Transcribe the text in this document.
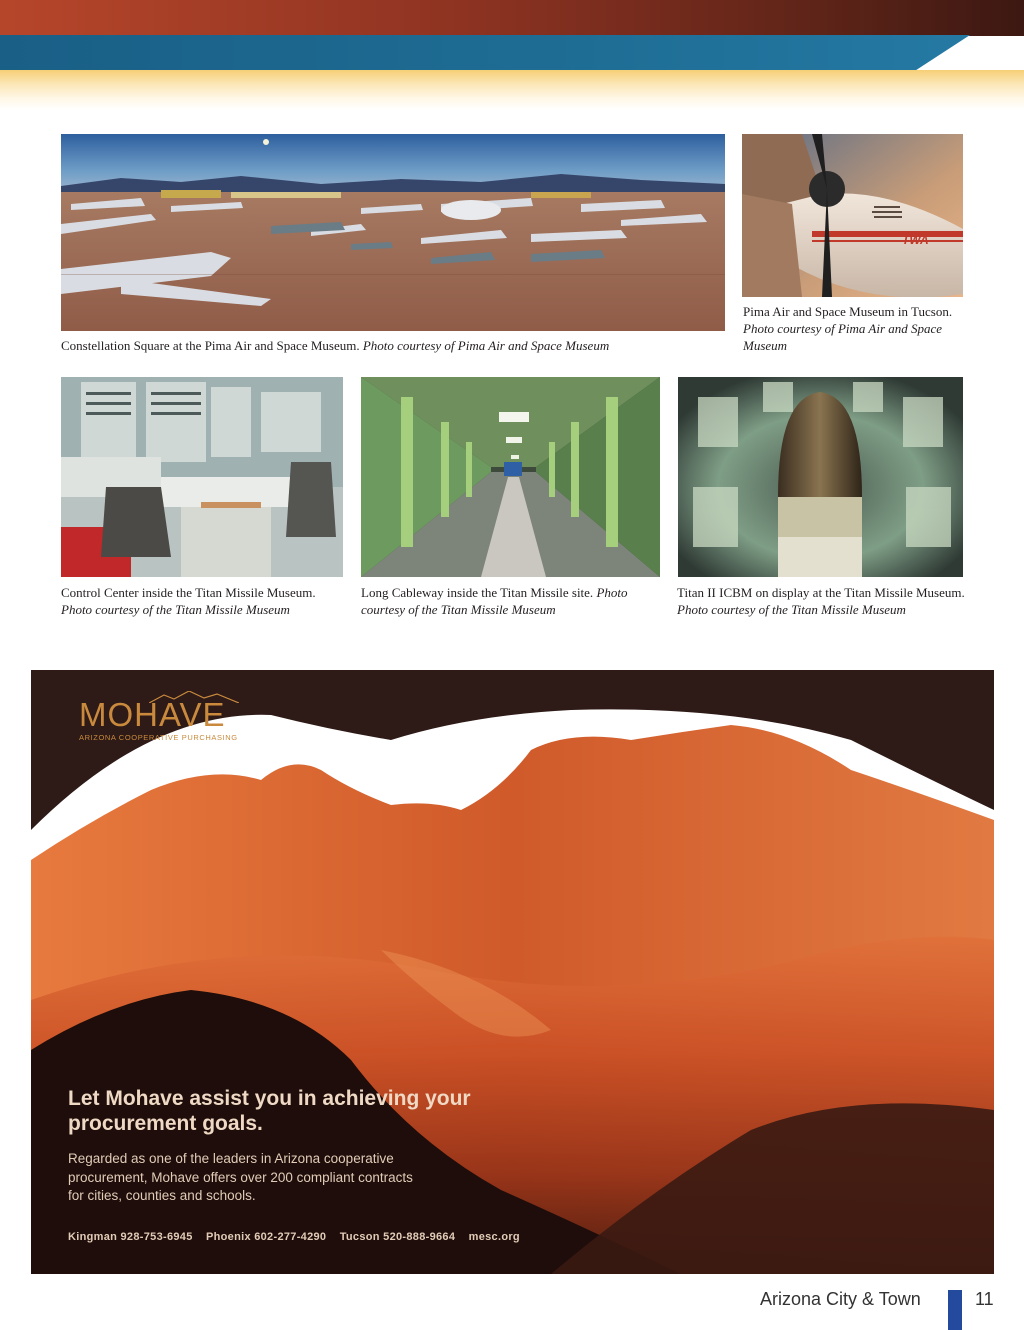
Constellation Square at the Pima Air and Space Museum. Photo courtesy of Pima Air and Space Museum
TWA
Pima Air and Space Museum in Tucson. Photo courtesy of Pima Air and Space Museum
Control Center inside the Titan Missile Museum. Photo courtesy of the Titan Missile Museum
Long Cableway inside the Titan Missile site. Photo courtesy of the Titan Missile Museum
Titan II ICBM on display at the Titan Missile Museum. Photo courtesy of the Titan Missile Museum
MOHAVE
ARIZONA COOPERATIVE PURCHASING
Let Mohave assist you in achieving your procurement goals.
Regarded as one of the leaders in Arizona cooperative procurement, Mohave offers over 200 compliant contracts for cities, counties and schools.
Kingman 928-753-6945 Phoenix 602-277-4290 Tucson 520-888-9664 mesc.org
Arizona City & Town	11
